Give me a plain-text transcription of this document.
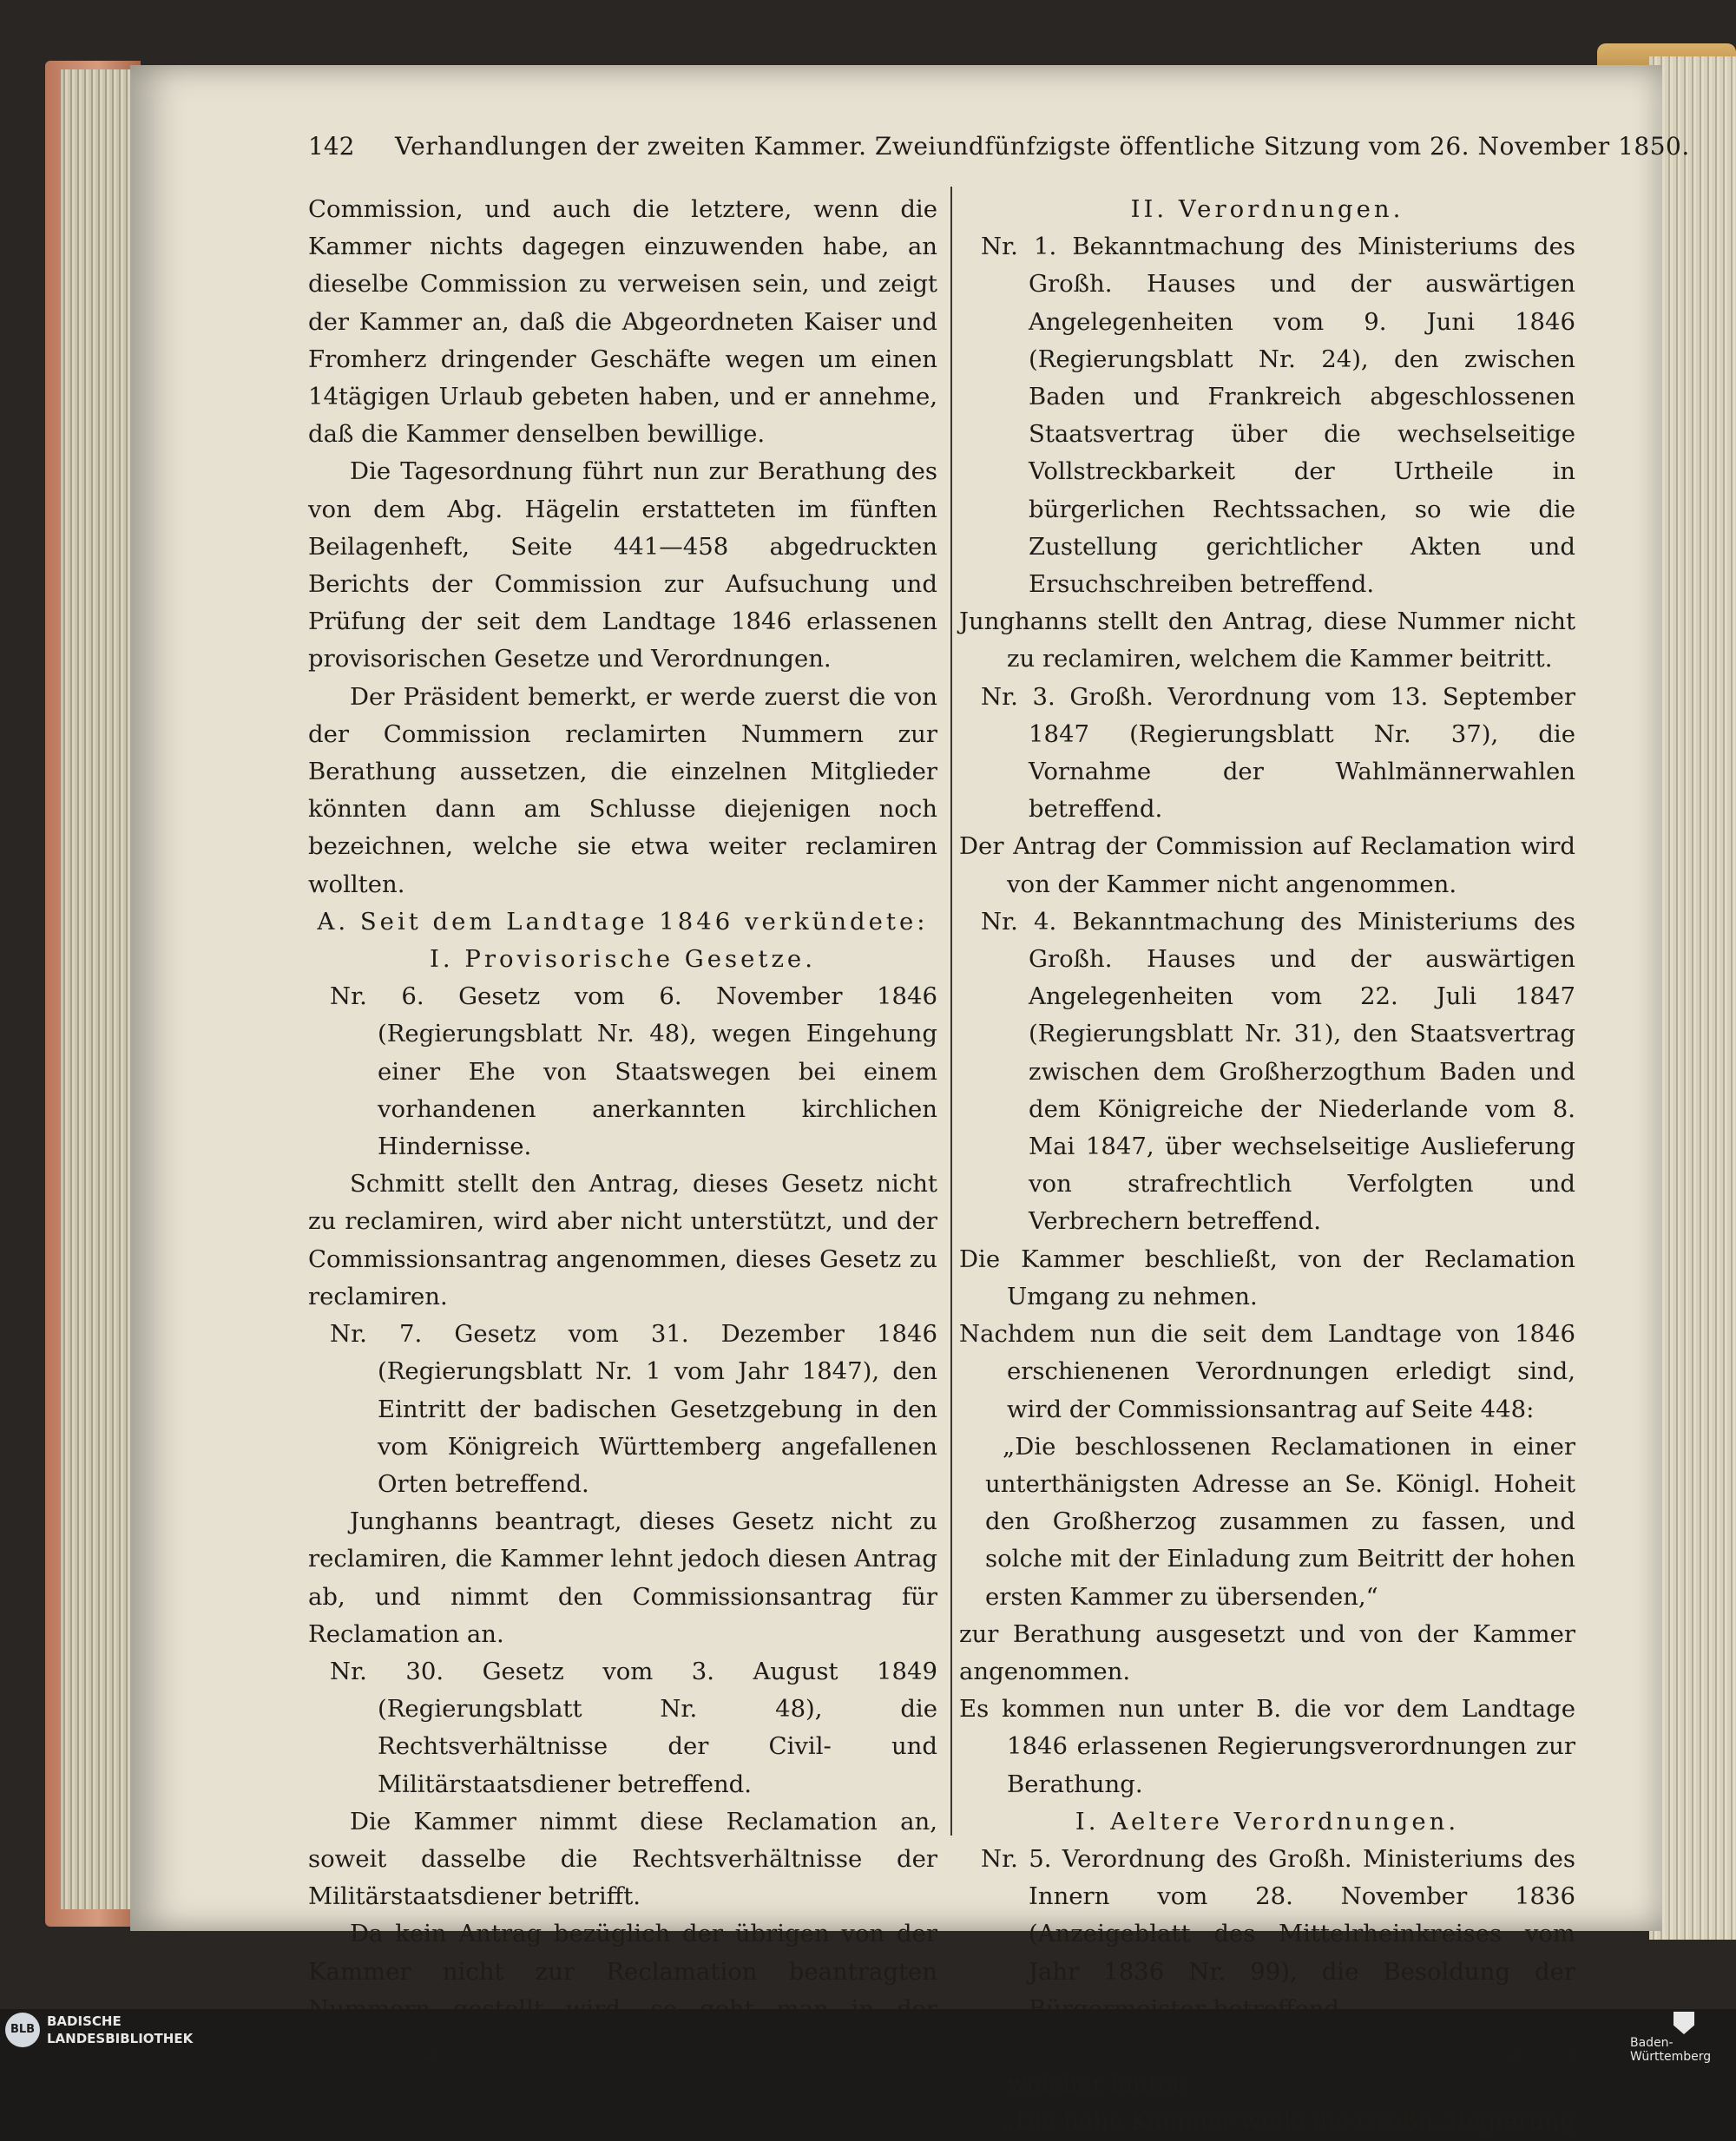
142 Verhandlungen der zweiten Kammer. Zweiundfünfzigste öffentliche Sitzung vom 26. November 1850.

Commission, und auch die letztere, wenn die Kammer nichts dagegen einzuwenden habe, an dieselbe Commission zu verweisen sein, und zeigt der Kammer an, daß die Abgeordneten Kaiser und Fromherz dringender Geschäfte wegen um einen 14tägigen Urlaub gebeten haben, und er annehme, daß die Kammer denselben bewillige.

Die Tagesordnung führt nun zur Berathung des von dem Abg. Hägelin erstatteten im fünften Beilagenheft, Seite 441—458 abgedruckten Berichts der Commission zur Aufsuchung und Prüfung der seit dem Landtage 1846 erlassenen provisorischen Gesetze und Verordnungen.

Der Präsident bemerkt, er werde zuerst die von der Commission reclamirten Nummern zur Berathung aussetzen, die einzelnen Mitglieder könnten dann am Schlusse diejenigen noch bezeichnen, welche sie etwa weiter reclamiren wollten.

A. Seit dem Landtage 1846 verkündete:

I. Provisorische Gesetze.

Nr. 6. Gesetz vom 6. November 1846 (Regierungsblatt Nr. 48), wegen Eingehung einer Ehe von Staatswegen bei einem vorhandenen anerkannten kirchlichen Hindernisse.

Schmitt stellt den Antrag, dieses Gesetz nicht zu reclamiren, wird aber nicht unterstützt, und der Commissionsantrag angenommen, dieses Gesetz zu reclamiren.

Nr. 7. Gesetz vom 31. Dezember 1846 (Regierungsblatt Nr. 1 vom Jahr 1847), den Eintritt der badischen Gesetzgebung in den vom Königreich Württemberg angefallenen Orten betreffend.

Junghanns beantragt, dieses Gesetz nicht zu reclamiren, die Kammer lehnt jedoch diesen Antrag ab, und nimmt den Commissionsantrag für Reclamation an.

Nr. 30. Gesetz vom 3. August 1849 (Regierungsblatt Nr. 48), die Rechtsverhältnisse der Civil- und Militärstaatsdiener betreffend.

Die Kammer nimmt diese Reclamation an, soweit dasselbe die Rechtsverhältnisse der Militärstaatsdiener betrifft.

Da kein Antrag bezüglich der übrigen von der Kammer nicht zur Reclamation beantragten

II. Verordnungen.

Nr. 1. Bekanntmachung des Ministeriums des Großh. Hauses und der auswärtigen Angelegenheiten vom 9. Juni 1846 (Regierungsblatt Nr. 24), den zwischen Baden und Frankreich abgeschlossenen Staatsvertrag über die wechselseitige Vollstreckbarkeit der Urtheile in bürgerlichen Rechtssachen, so wie die Zustellung gerichtlicher Akten und Ersuchschreiben betreffend.

Junghanns stellt den Antrag, diese Nummer nicht zu reclamiren, welchem die Kammer beitritt.

Nr. 3. Großh. Verordnung vom 13. September 1847 (Regierungsblatt Nr. 37), die Vornahme der Wahlmännerwahlen betreffend.

Der Antrag der Commission auf Reclamation wird von der Kammer nicht angenommen.

Nr. 4. Bekanntmachung des Ministeriums des Großh. Hauses und der auswärtigen Angelegenheiten vom 22. Juli 1847 (Regierungsblatt Nr. 31), den Staatsvertrag zwischen dem Großherzogthum Baden und dem Königreiche der Niederlande vom 8. Mai 1847, über wechselseitige Auslieferung von strafrechtlich Verfolgten und Verbrechern betreffend.

Die Kammer beschließt, von der Reclamation Umgang zu nehmen.

Nachdem nun die seit dem Landtage von 1846 erschienenen Verordnungen erledigt sind, wird der Commissionsantrag auf Seite 448:

„Die beschlossenen Reclamationen in einer unterthänigsten Adresse an Se. Königl. Hoheit den Großherzog zusammen zu fassen, und solche mit der Einladung zum Beitritt der hohen ersten Kammer zu übersenden,“

zur Berathung ausgesetzt und von der Kammer angenommen.

Es kommen nun unter B. die vor dem Landtage 1846 erlassenen Regierungsverordnungen zur Berathung.

I. Aeltere Verordnungen.

Nr. 5. Verordnung des Großh. Ministeriums des Innern vom 28. November 1836 (Anzeigeblatt des Mittelrheinkreises vom Jahr 1836 Nr. 99), die Besoldung der

welcher lautet:

„Die hohe Kammer wolle die Großh. Regierung

BLB
BADISCHE
LANDESBIBLIOTHEK	Baden-Württemberg
